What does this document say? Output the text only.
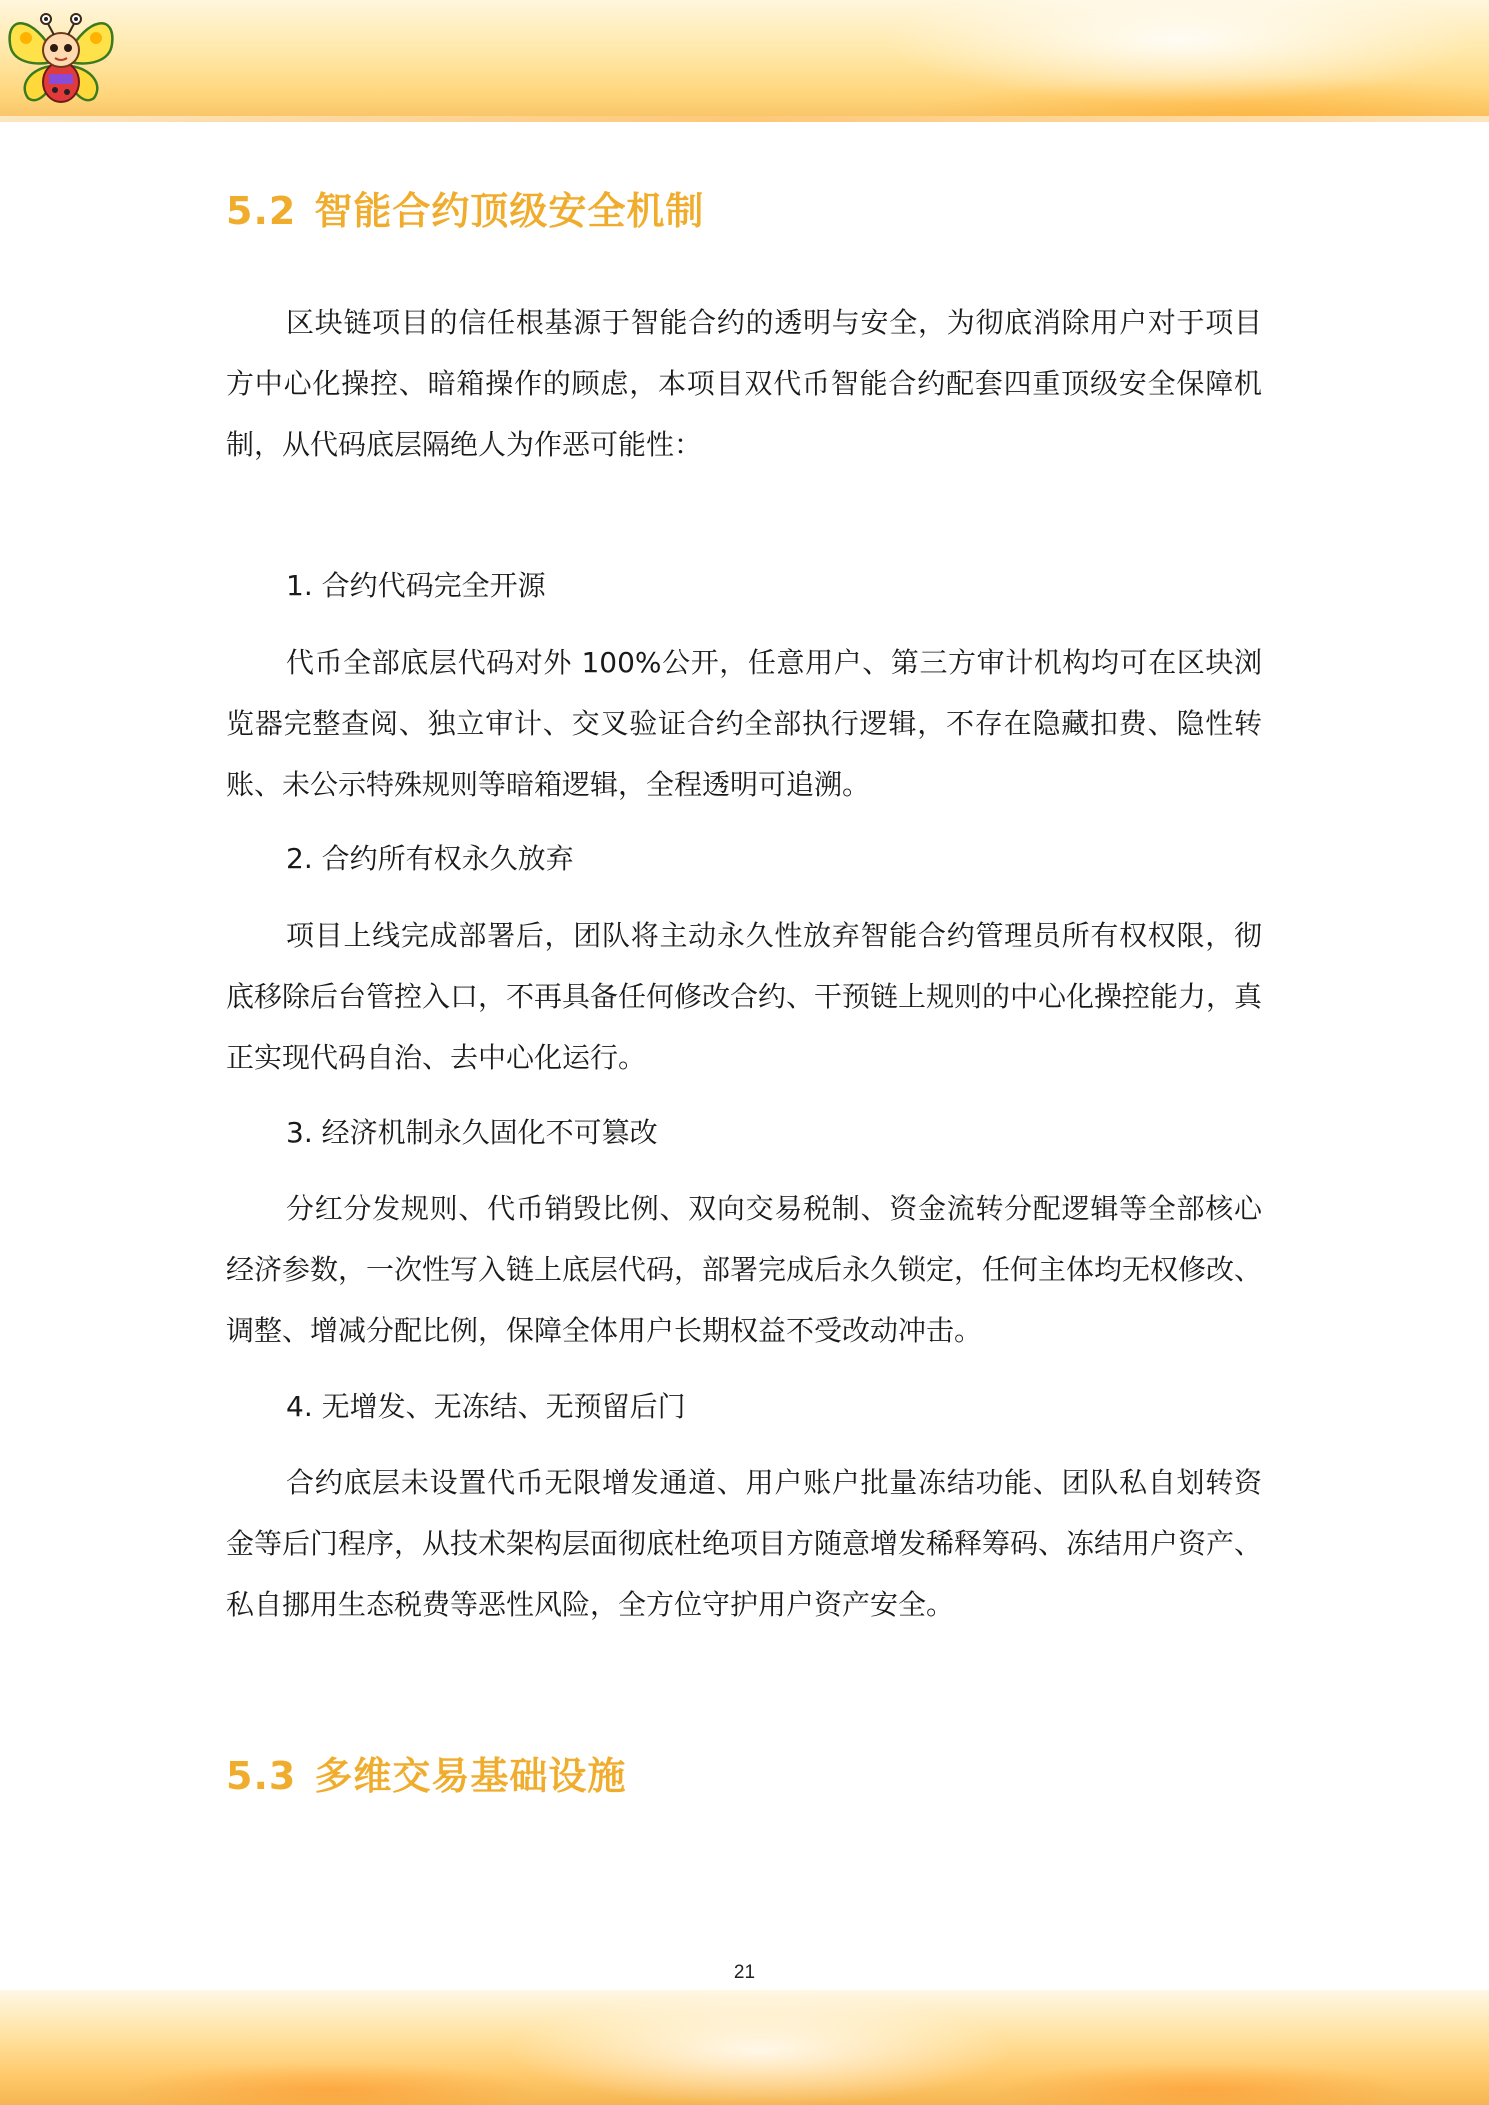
5.2 智能合约顶级安全机制

区块链项目的信任根基源于智能合约的透明与安全，为彻底消除用户对于项目方中心化操控、暗箱操作的顾虑，本项目双代币智能合约配套四重顶级安全保障机制，从代码底层隔绝人为作恶可能性：

1. 合约代码完全开源

代币全部底层代码对外 100%公开，任意用户、第三方审计机构均可在区块浏览器完整查阅、独立审计、交叉验证合约全部执行逻辑，不存在隐藏扣费、隐性转账、未公示特殊规则等暗箱逻辑，全程透明可追溯。

2. 合约所有权永久放弃

项目上线完成部署后，团队将主动永久性放弃智能合约管理员所有权权限，彻底移除后台管控入口，不再具备任何修改合约、干预链上规则的中心化操控能力，真正实现代码自治、去中心化运行。

3. 经济机制永久固化不可篡改

分红分发规则、代币销毁比例、双向交易税制、资金流转分配逻辑等全部核心经济参数，一次性写入链上底层代码，部署完成后永久锁定，任何主体均无权修改、调整、增减分配比例，保障全体用户长期权益不受改动冲击。

4. 无增发、无冻结、无预留后门

合约底层未设置代币无限增发通道、用户账户批量冻结功能、团队私自划转资金等后门程序，从技术架构层面彻底杜绝项目方随意增发稀释筹码、冻结用户资产、私自挪用生态税费等恶性风险，全方位守护用户资产安全。

5.3 多维交易基础设施
21
